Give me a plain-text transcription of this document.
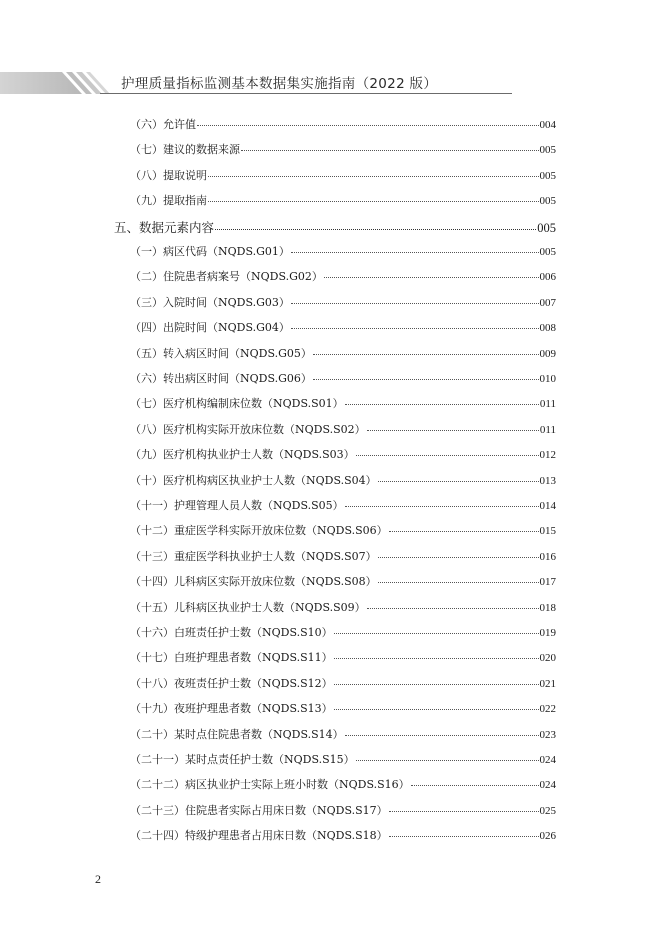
护理质量指标监测基本数据集实施指南（2022 版）
（六）允许值	004
（七）建议的数据来源	005
（八）提取说明	005
（九）提取指南	005
五、数据元素内容	005
（一）病区代码（NQDS.G01）	005
（二）住院患者病案号（NQDS.G02）	006
（三）入院时间（NQDS.G03）	007
（四）出院时间（NQDS.G04）	008
（五）转入病区时间（NQDS.G05）	009
（六）转出病区时间（NQDS.G06）	010
（七）医疗机构编制床位数（NQDS.S01）	011
（八）医疗机构实际开放床位数（NQDS.S02）	011
（九）医疗机构执业护士人数（NQDS.S03）	012
（十）医疗机构病区执业护士人数（NQDS.S04）	013
（十一）护理管理人员人数（NQDS.S05）	014
（十二）重症医学科实际开放床位数（NQDS.S06）	015
（十三）重症医学科执业护士人数（NQDS.S07）	016
（十四）儿科病区实际开放床位数（NQDS.S08）	017
（十五）儿科病区执业护士人数（NQDS.S09）	018
（十六）白班责任护士数（NQDS.S10）	019
（十七）白班护理患者数（NQDS.S11）	020
（十八）夜班责任护士数（NQDS.S12）	021
（十九）夜班护理患者数（NQDS.S13）	022
（二十）某时点住院患者数（NQDS.S14）	023
（二十一）某时点责任护士数（NQDS.S15）	024
（二十二）病区执业护士实际上班小时数（NQDS.S16）	024
（二十三）住院患者实际占用床日数（NQDS.S17）	025
（二十四）特级护理患者占用床日数（NQDS.S18）	026
2
